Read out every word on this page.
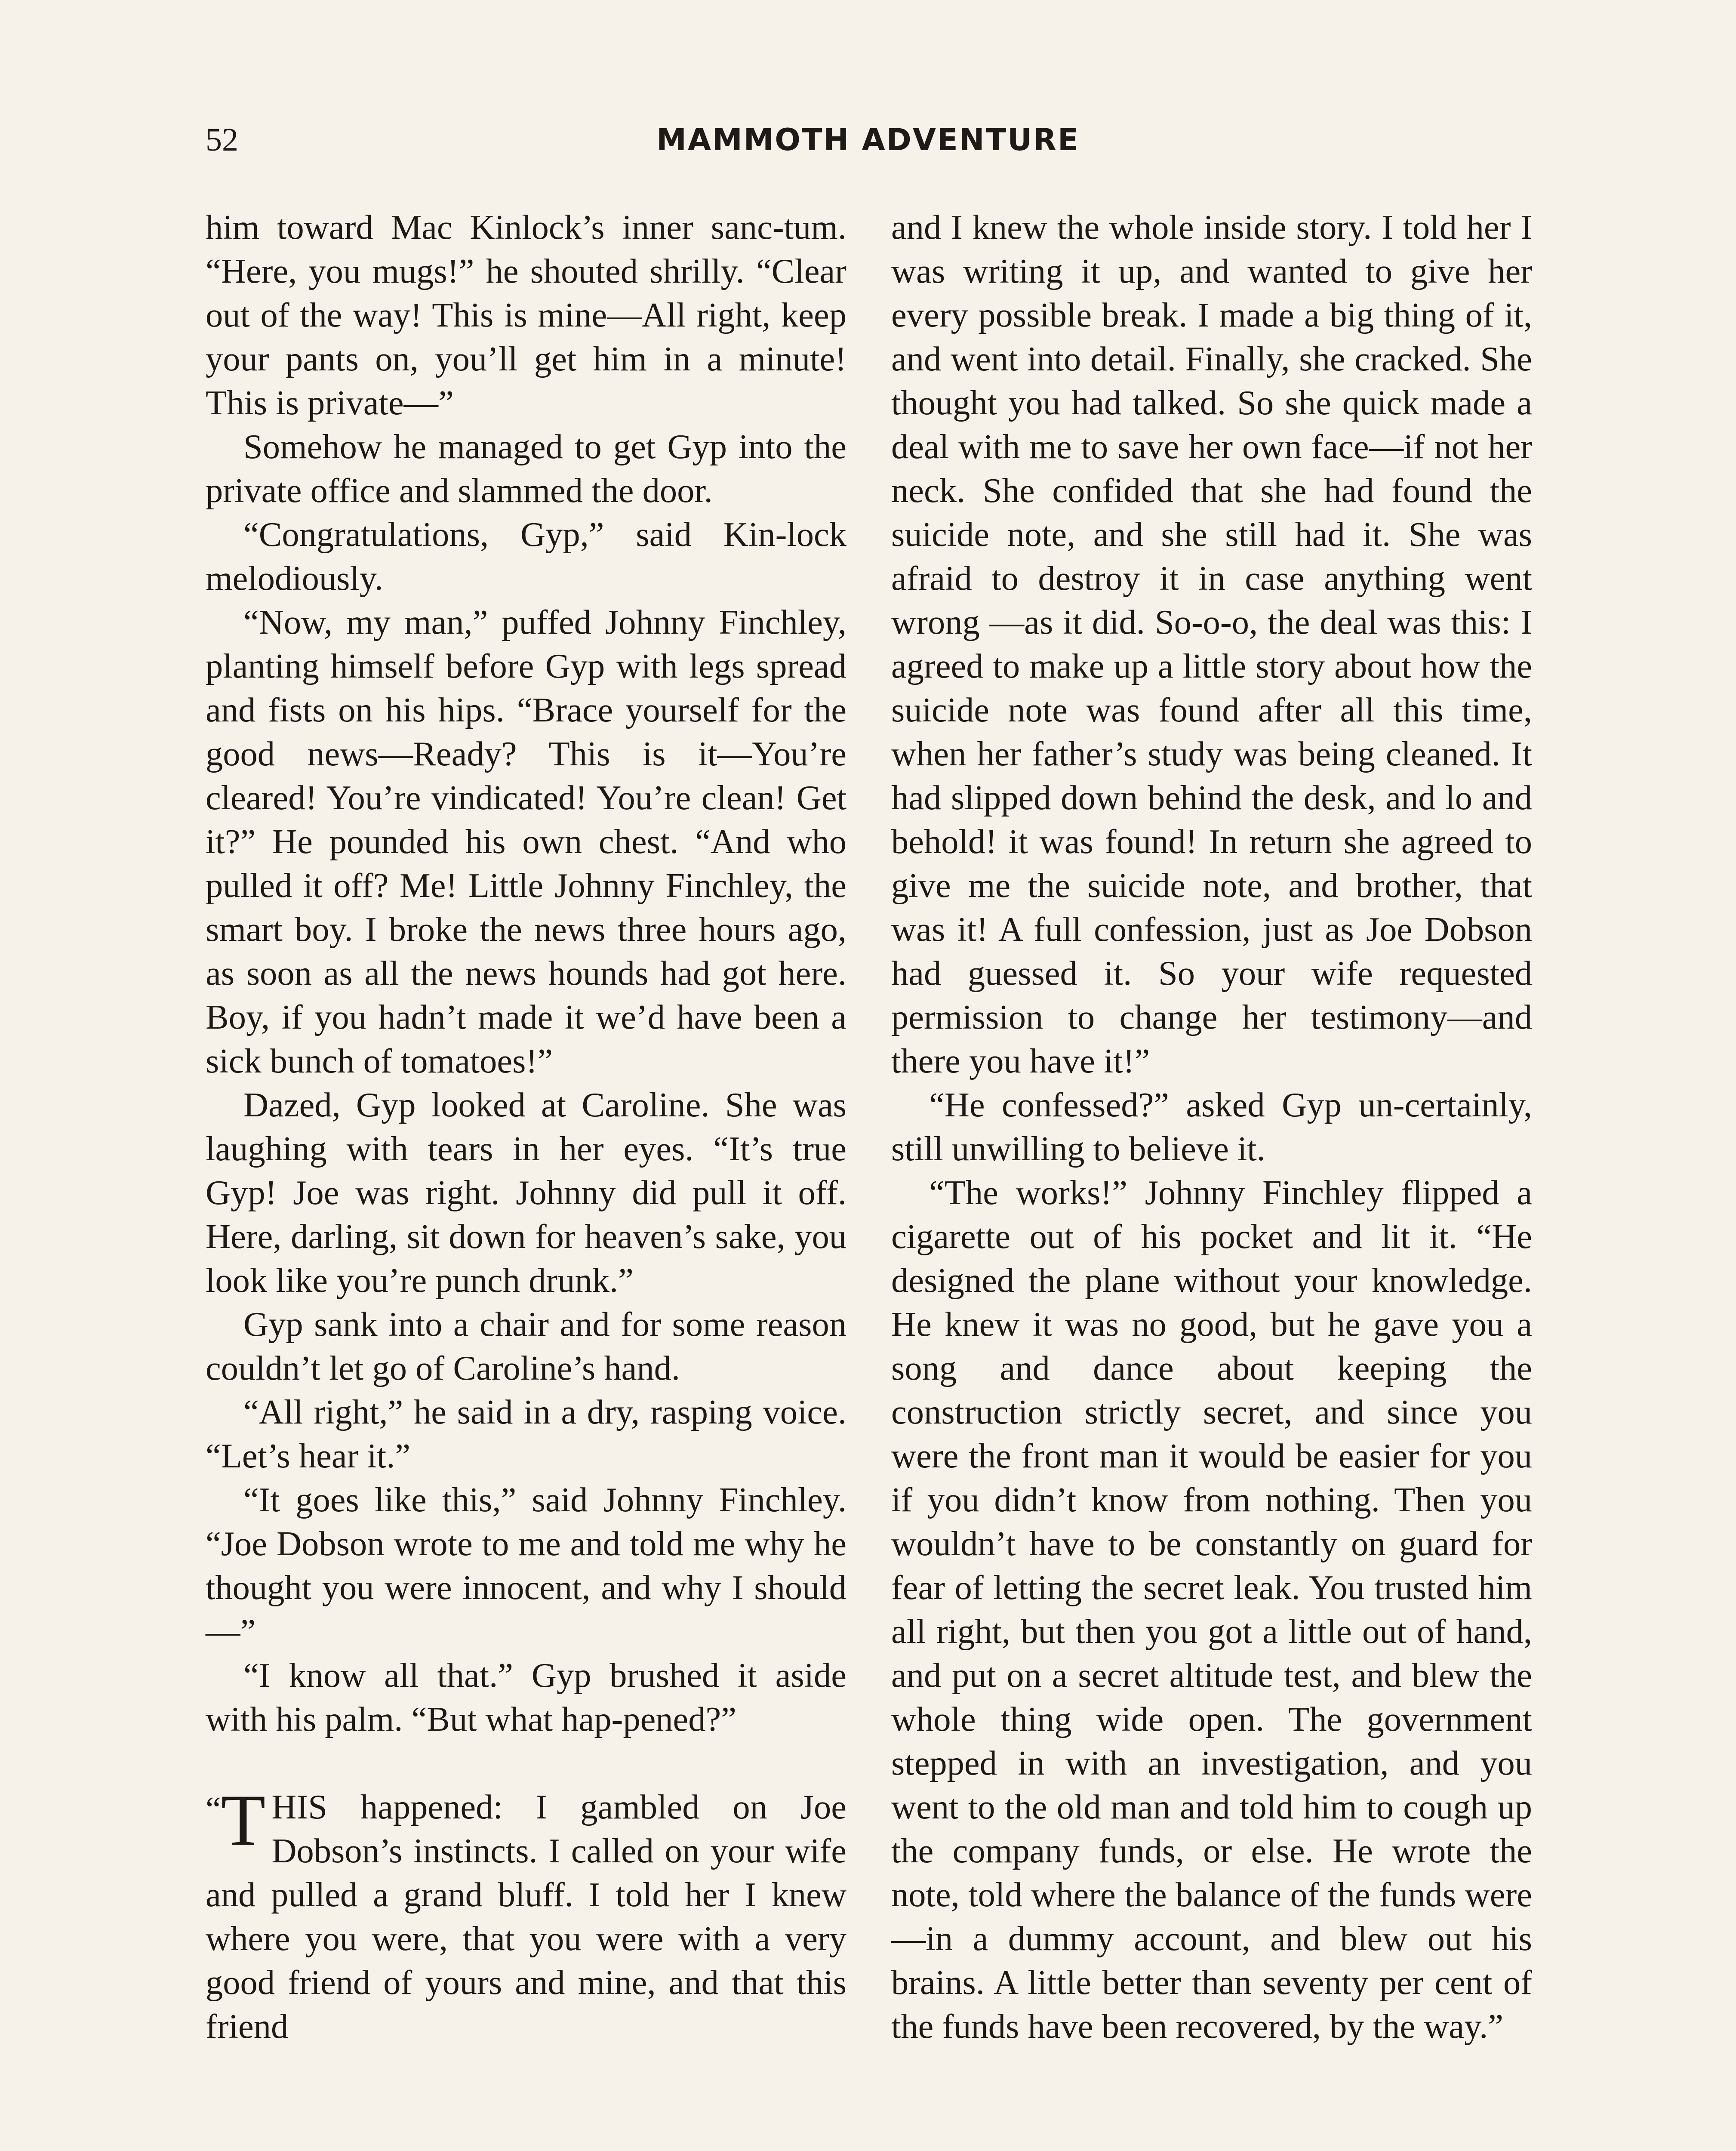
52	MAMMOTH ADVENTURE

him toward Mac Kinlock’s inner sanc-tum. “Here, you mugs!” he shouted shrilly. “Clear out of the way! This is mine—All right, keep your pants on, you’ll get him in a minute! This is private—”

Somehow he managed to get Gyp into the private office and slammed the door.

“Congratulations, Gyp,” said Kin-lock melodiously.

“Now, my man,” puffed Johnny Finchley, planting himself before Gyp with legs spread and fists on his hips. “Brace yourself for the good news—Ready? This is it—You’re cleared! You’re vindicated! You’re clean! Get it?” He pounded his own chest. “And who pulled it off? Me! Little Johnny Finchley, the smart boy. I broke the news three hours ago, as soon as all the news hounds had got here. Boy, if you hadn’t made it we’d have been a sick bunch of tomatoes!”

Dazed, Gyp looked at Caroline. She was laughing with tears in her eyes. “It’s true Gyp! Joe was right. Johnny did pull it off. Here, darling, sit down for heaven’s sake, you look like you’re punch drunk.”

Gyp sank into a chair and for some reason couldn’t let go of Caroline’s hand.

“All right,” he said in a dry, rasping voice. “Let’s hear it.”

“It goes like this,” said Johnny Finchley. “Joe Dobson wrote to me and told me why he thought you were innocent, and why I should—”

“I know all that.” Gyp brushed it aside with his palm. “But what hap-pened?”

“T HIS happened: I gambled on Joe Dobson’s instincts. I called on your wife and pulled a grand bluff. I told her I knew where you were, that you were with a very good friend of yours and mine, and that this friend

and I knew the whole inside story. I told her I was writing it up, and wanted to give her every possible break. I made a big thing of it, and went into detail. Finally, she cracked. She thought you had talked. So she quick made a deal with me to save her own face—if not her neck. She confided that she had found the suicide note, and she still had it. She was afraid to destroy it in case anything went wrong —as it did. So-o-o, the deal was this: I agreed to make up a little story about how the suicide note was found after all this time, when her father’s study was being cleaned. It had slipped down behind the desk, and lo and behold! it was found! In return she agreed to give me the suicide note, and brother, that was it! A full confession, just as Joe Dobson had guessed it. So your wife requested permission to change her testimony—and there you have it!”

“He confessed?” asked Gyp un-certainly, still unwilling to believe it.

“The works!” Johnny Finchley flipped a cigarette out of his pocket and lit it. “He designed the plane without your knowledge. He knew it was no good, but he gave you a song and dance about keeping the construction strictly secret, and since you were the front man it would be easier for you if you didn’t know from nothing. Then you wouldn’t have to be constantly on guard for fear of letting the secret leak. You trusted him all right, but then you got a little out of hand, and put on a secret altitude test, and blew the whole thing wide open. The government stepped in with an investigation, and you went to the old man and told him to cough up the company funds, or else. He wrote the note, told where the balance of the funds were—in a dummy account, and blew out his brains. A little better than seventy per cent of the funds have been recovered, by the way.”
